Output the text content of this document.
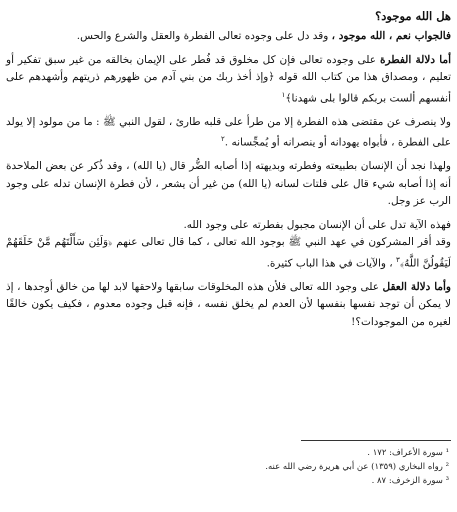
هل الله موجود؟
فالجواب نعم ، الله موجود ، وقد دل على وجوده تعالى الفطرة والعقل والشرع والحس.
أما دلالة الفطرة على وجوده تعالى فإن كل مخلوق قد فُطر على الإيمان بخالقه من غير سبق تفكير أو تعليم ، ومصداق هذا من كتاب الله قوله ﴿وإذ أخذ ربك من بني آدم من ظهورهم ذريتهم وأشهدهم على أنفسهم ألست بربكم قالوا بلى شهدنا﴾$^١$
ولا ينصرف عن مقتضى هذه الفطرة إلا من طرأ على قلبه طارئ ، لقول النبي ﷺ : ما من مولود إلا يولد على الفطرة ، فأبواه يهودانه أو ينصرانه أو يُمجِّسانه .$^٢$
ولهذا نجد أن الإنسان بطبيعته وفطرته وبديهته إذا أصابه الضُّر قال (يا الله) ، وقد ذُكر عن بعض الملاحدة أنه إذا أصابه شيء قال على فلتات لسانه (يا الله) من غير أن يشعر ، لأن فطرة الإنسان تدله على وجود الرب عز وجل.
فهذه الآية تدل على أن الإنسان مجبول بفطرته على وجود الله.
وقد أقر المشركون في عهد النبي ﷺ بوجود الله تعالى ، كما قال تعالى عنهم ﴿وَلَئِن سَأَلْتَهُم مَّنْ خَلَقَهُمْ لَيَقُولُنَّ اللَّهُ﴾$^٣$ ، والآيات في هذا الباب كثيرة.
وأما دلالة العقل على وجود الله تعالى فلأن هذه المخلوقات سابقها ولاحقها لابد لها من خالق أوجدها ، إذ لا يمكن أن توجد نفسها بنفسها لأن العدم لم يخلق نفسه ، فإنه قبل وجوده معدوم ، فكيف يكون خالقًا لغيره من الموجودات؟!
¹ سورة الأعراف: ١٧٢ .
² رواه البخاري (١٣٥٩) عن أبي هريرة رضي الله عنه.
³ سورة الزخرف: ٨٧ .
